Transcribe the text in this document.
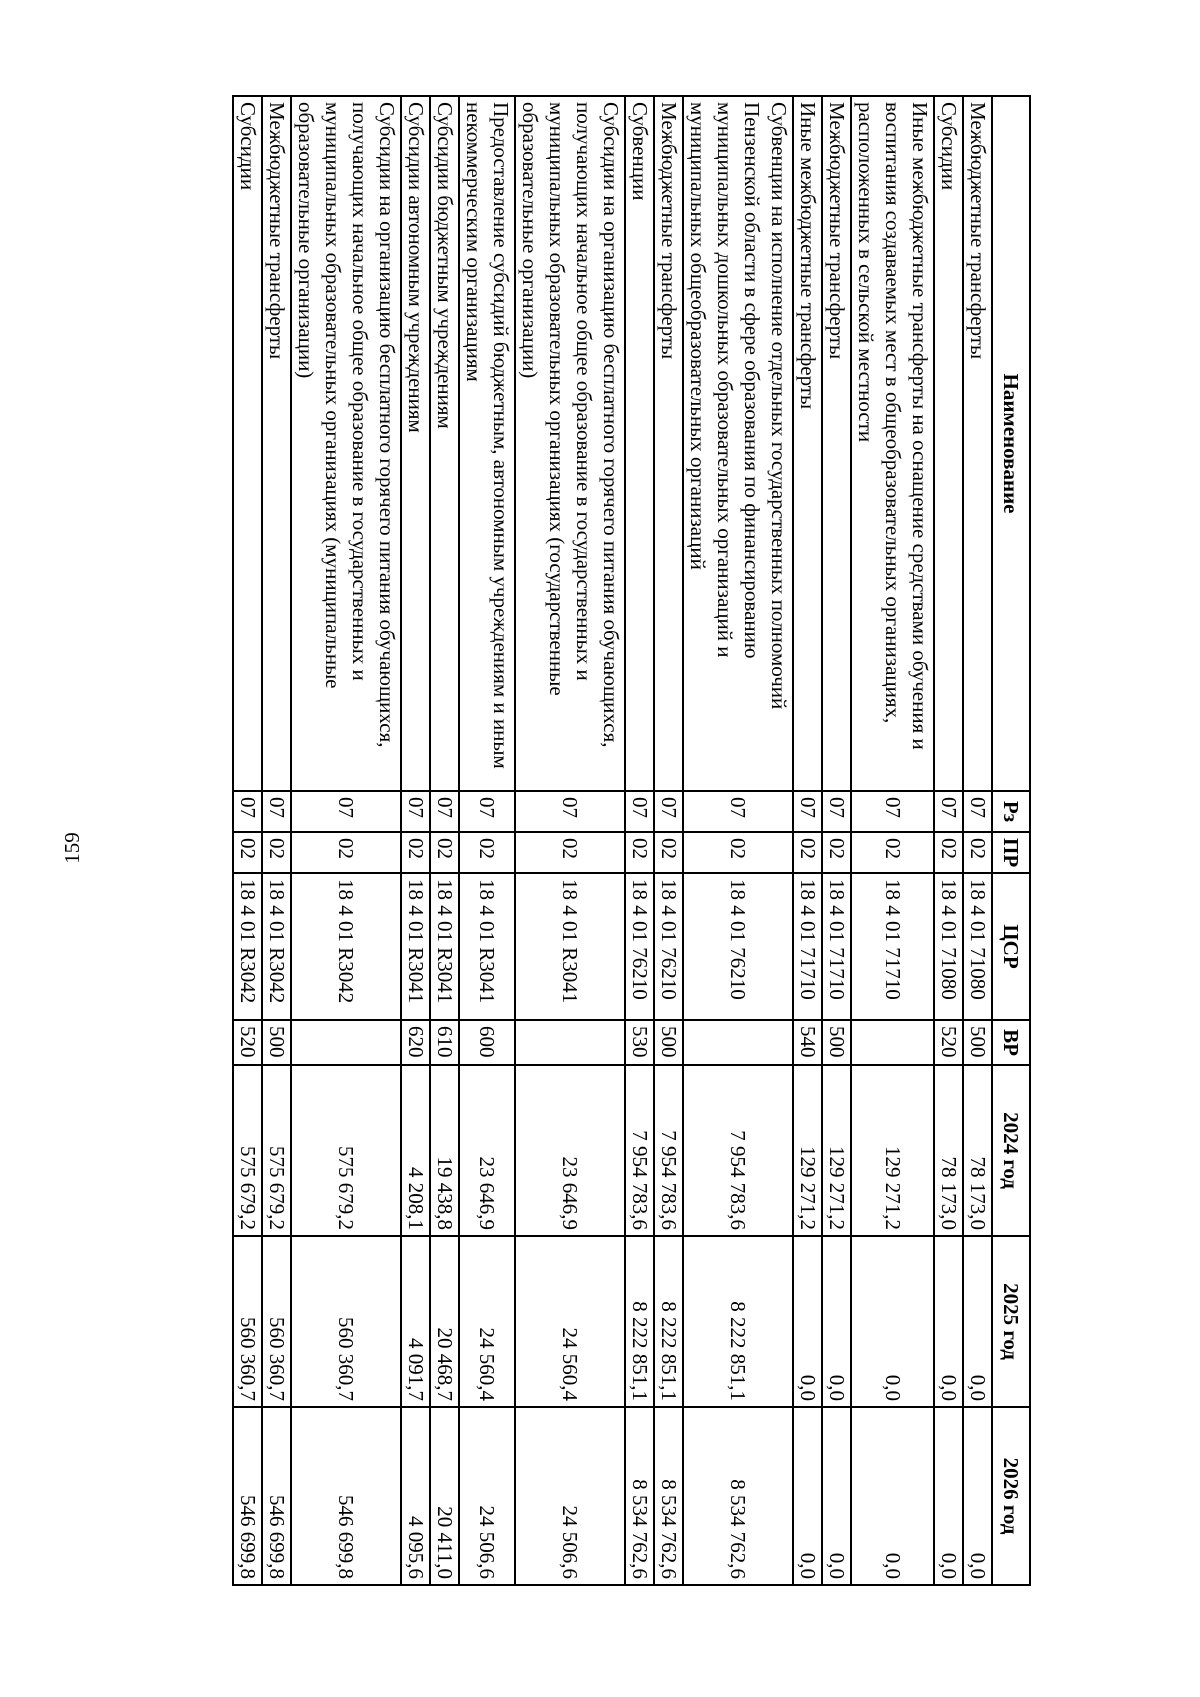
159
Наименование	Рз	ПР	ЦСР	ВР	2024 год	2025 год	2026 год
Межбюджетные трансферты	07	02	18 4 01 71080	500	78 173,0	0,0	0,0
Субсидии	07	02	18 4 01 71080	520	78 173,0	0,0	0,0
Иные межбюджетные трансферты на оснащение средствами обучения и воспитания создаваемых мест в общеобразовательных организациях, расположенных в сельской местности	07	02	18 4 01 71710		129 271,2	0,0	0,0
Межбюджетные трансферты	07	02	18 4 01 71710	500	129 271,2	0,0	0,0
Иные межбюджетные трансферты	07	02	18 4 01 71710	540	129 271,2	0,0	0,0
Субвенции на исполнение отдельных государственных полномочий Пензенской области в сфере образования по финансированию муниципальных дошкольных образовательных организаций и муниципальных общеобразовательных организаций	07	02	18 4 01 76210		7 954 783,6	8 222 851,1	8 534 762,6
Межбюджетные трансферты	07	02	18 4 01 76210	500	7 954 783,6	8 222 851,1	8 534 762,6
Субвенции	07	02	18 4 01 76210	530	7 954 783,6	8 222 851,1	8 534 762,6
Субсидии на организацию бесплатного горячего питания обучающихся, получающих начальное общее образование в государственных и муниципальных образовательных организациях (государственные образовательные организации)	07	02	18 4 01 R3041		23 646,9	24 560,4	24 506,6
Предоставление субсидий бюджетным, автономным учреждениям и иным некоммерческим организациям	07	02	18 4 01 R3041	600	23 646,9	24 560,4	24 506,6
Субсидии бюджетным учреждениям	07	02	18 4 01 R3041	610	19 438,8	20 468,7	20 411,0
Субсидии автономным учреждениям	07	02	18 4 01 R3041	620	4 208,1	4 091,7	4 095,6
Субсидии на организацию бесплатного горячего питания обучающихся, получающих начальное общее образование в государственных и муниципальных образовательных организациях (муниципальные образовательные организации)	07	02	18 4 01 R3042		575 679,2	560 360,7	546 699,8
Межбюджетные трансферты	07	02	18 4 01 R3042	500	575 679,2	560 360,7	546 699,8
Субсидии	07	02	18 4 01 R3042	520	575 679,2	560 360,7	546 699,8
